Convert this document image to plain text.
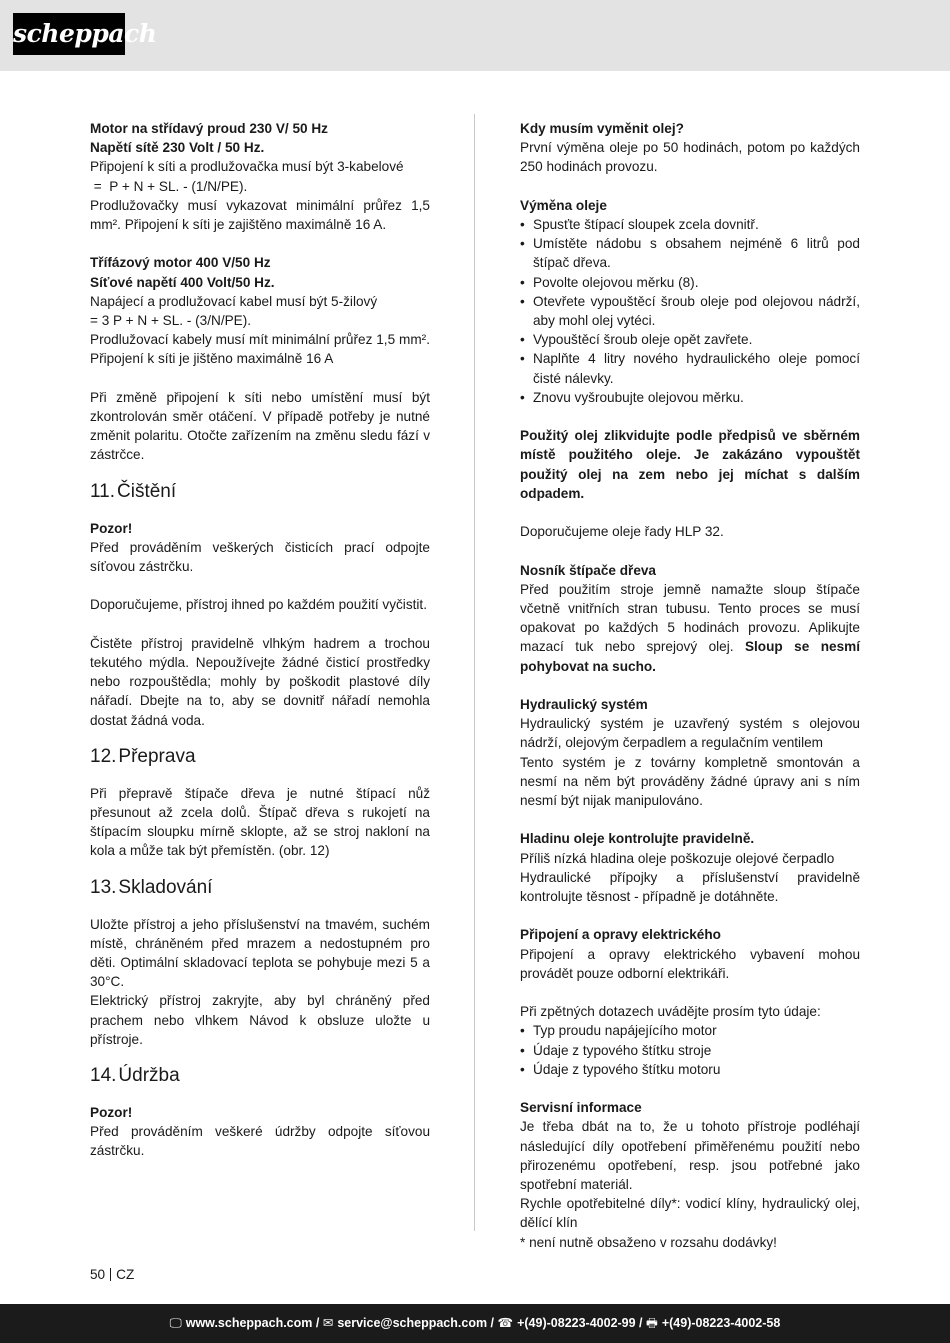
scheppach

Motor na střídavý proud 230 V/ 50 Hz

Napětí sítě 230 Volt / 50 Hz.

Připojení k síti a prodlužovačka musí být 3-kabelové

=  P + N + SL. - (1/N/PE).

Prodlužovačky musí vykazovat minimální průřez 1,5 mm². Připojení k síti je zajištěno maximálně 16 A.

Třífázový motor 400 V/50 Hz

Síťové napětí 400 Volt/50 Hz.

Napájecí a prodlužovací kabel musí být 5-žilový

= 3 P + N + SL. - (3/N/PE).

Prodlužovací kabely musí mít minimální průřez 1,5 mm². Připojení k síti je jištěno maximálně 16 A

Při změně připojení k síti nebo umístění musí být zkontrolován směr otáčení. V případě potřeby je nutné změnit polaritu. Otočte zařízením na změnu sledu fází v zástrčce.

11. Čištění

Pozor!

Před prováděním veškerých čisticích prací odpojte síťovou zástrčku.

Doporučujeme, přístroj ihned po každém použití vyčistit.

Čistěte přístroj pravidelně vlhkým hadrem a trochou tekutého mýdla. Nepoužívejte žádné čisticí prostředky nebo rozpouštědla; mohly by poškodit plastové díly nářadí. Dbejte na to, aby se dovnitř nářadí nemohla dostat žádná voda.

12. Přeprava

Při přepravě štípače dřeva je nutné štípací nůž přesunout až zcela dolů. Štípač dřeva s rukojetí na štípacím sloupku mírně sklopte, až se stroj nakloní na kola a může tak být přemístěn. (obr. 12)

13. Skladování

Uložte přístroj a jeho příslušenství na tmavém, suchém místě, chráněném před mrazem a nedostupném pro děti. Optimální skladovací teplota se pohybuje mezi 5 a 30°C.

Elektrický přístroj zakryjte, aby byl chráněný před prachem nebo vlhkem Návod k obsluze uložte u přístroje.

14. Údržba

Pozor!

Před prováděním veškeré údržby odpojte síťovou zástrčku.

Kdy musím vyměnit olej?

První výměna oleje po 50 hodinách, potom po každých 250 hodinách provozu.

Výměna oleje

• Spusťte štípací sloupek zcela dovnitř.
• Umístěte nádobu s obsahem nejméně 6 litrů pod štípač dřeva.
• Povolte olejovou měrku (8).
• Otevřete vypouštěcí šroub oleje pod olejovou nádrží, aby mohl olej vytéci.
• Vypouštěcí šroub oleje opět zavřete.
• Naplňte 4 litry nového hydraulického oleje pomocí čisté nálevky.
• Znovu vyšroubujte olejovou měrku.

Použitý olej zlikvidujte podle předpisů ve sběrném místě použitého oleje. Je zakázáno vypouštět použitý olej na zem nebo jej míchat s dalším odpadem.

Doporučujeme oleje řady HLP 32.

Nosník štípače dřeva

Před použitím stroje jemně namažte sloup štípače včetně vnitřních stran tubusu. Tento proces se musí opakovat po každých 5 hodinách provozu. Aplikujte mazací tuk nebo sprejový olej. Sloup se nesmí pohybovat na sucho.

Hydraulický systém

Hydraulický systém je uzavřený systém s olejovou nádrží, olejovým čerpadlem a regulačním ventilem

Tento systém je z továrny kompletně smontován a nesmí na něm být prováděny žádné úpravy ani s ním nesmí být nijak manipulováno.

Hladinu oleje kontrolujte pravidelně.

Příliš nízká hladina oleje poškozuje olejové čerpadlo

Hydraulické přípojky a příslušenství pravidelně kontrolujte těsnost - případně je dotáhněte.

Připojení a opravy elektrického

Připojení a opravy elektrického vybavení mohou provádět pouze odborní elektrikáři.

Při zpětných dotazech uvádějte prosím tyto údaje:

• Typ proudu napájejícího motor
• Údaje z typového štítku stroje
• Údaje z typového štítku motoru

Servisní informace

Je třeba dbát na to, že u tohoto přístroje podléhají následující díly opotřebení přiměřenému použití nebo přirozenému opotřebení, resp. jsou potřebné jako spotřební materiál.

Rychle opotřebitelné díly*: vodicí klíny, hydraulický olej, dělící klín

* není nutně obsaženo v rozsahu dodávky!

50 CZ
🖵 www.scheppach.com / ✉ service@scheppach.com / ☎ +(49)-08223-4002-99 / 🖶 +(49)-08223-4002-58
